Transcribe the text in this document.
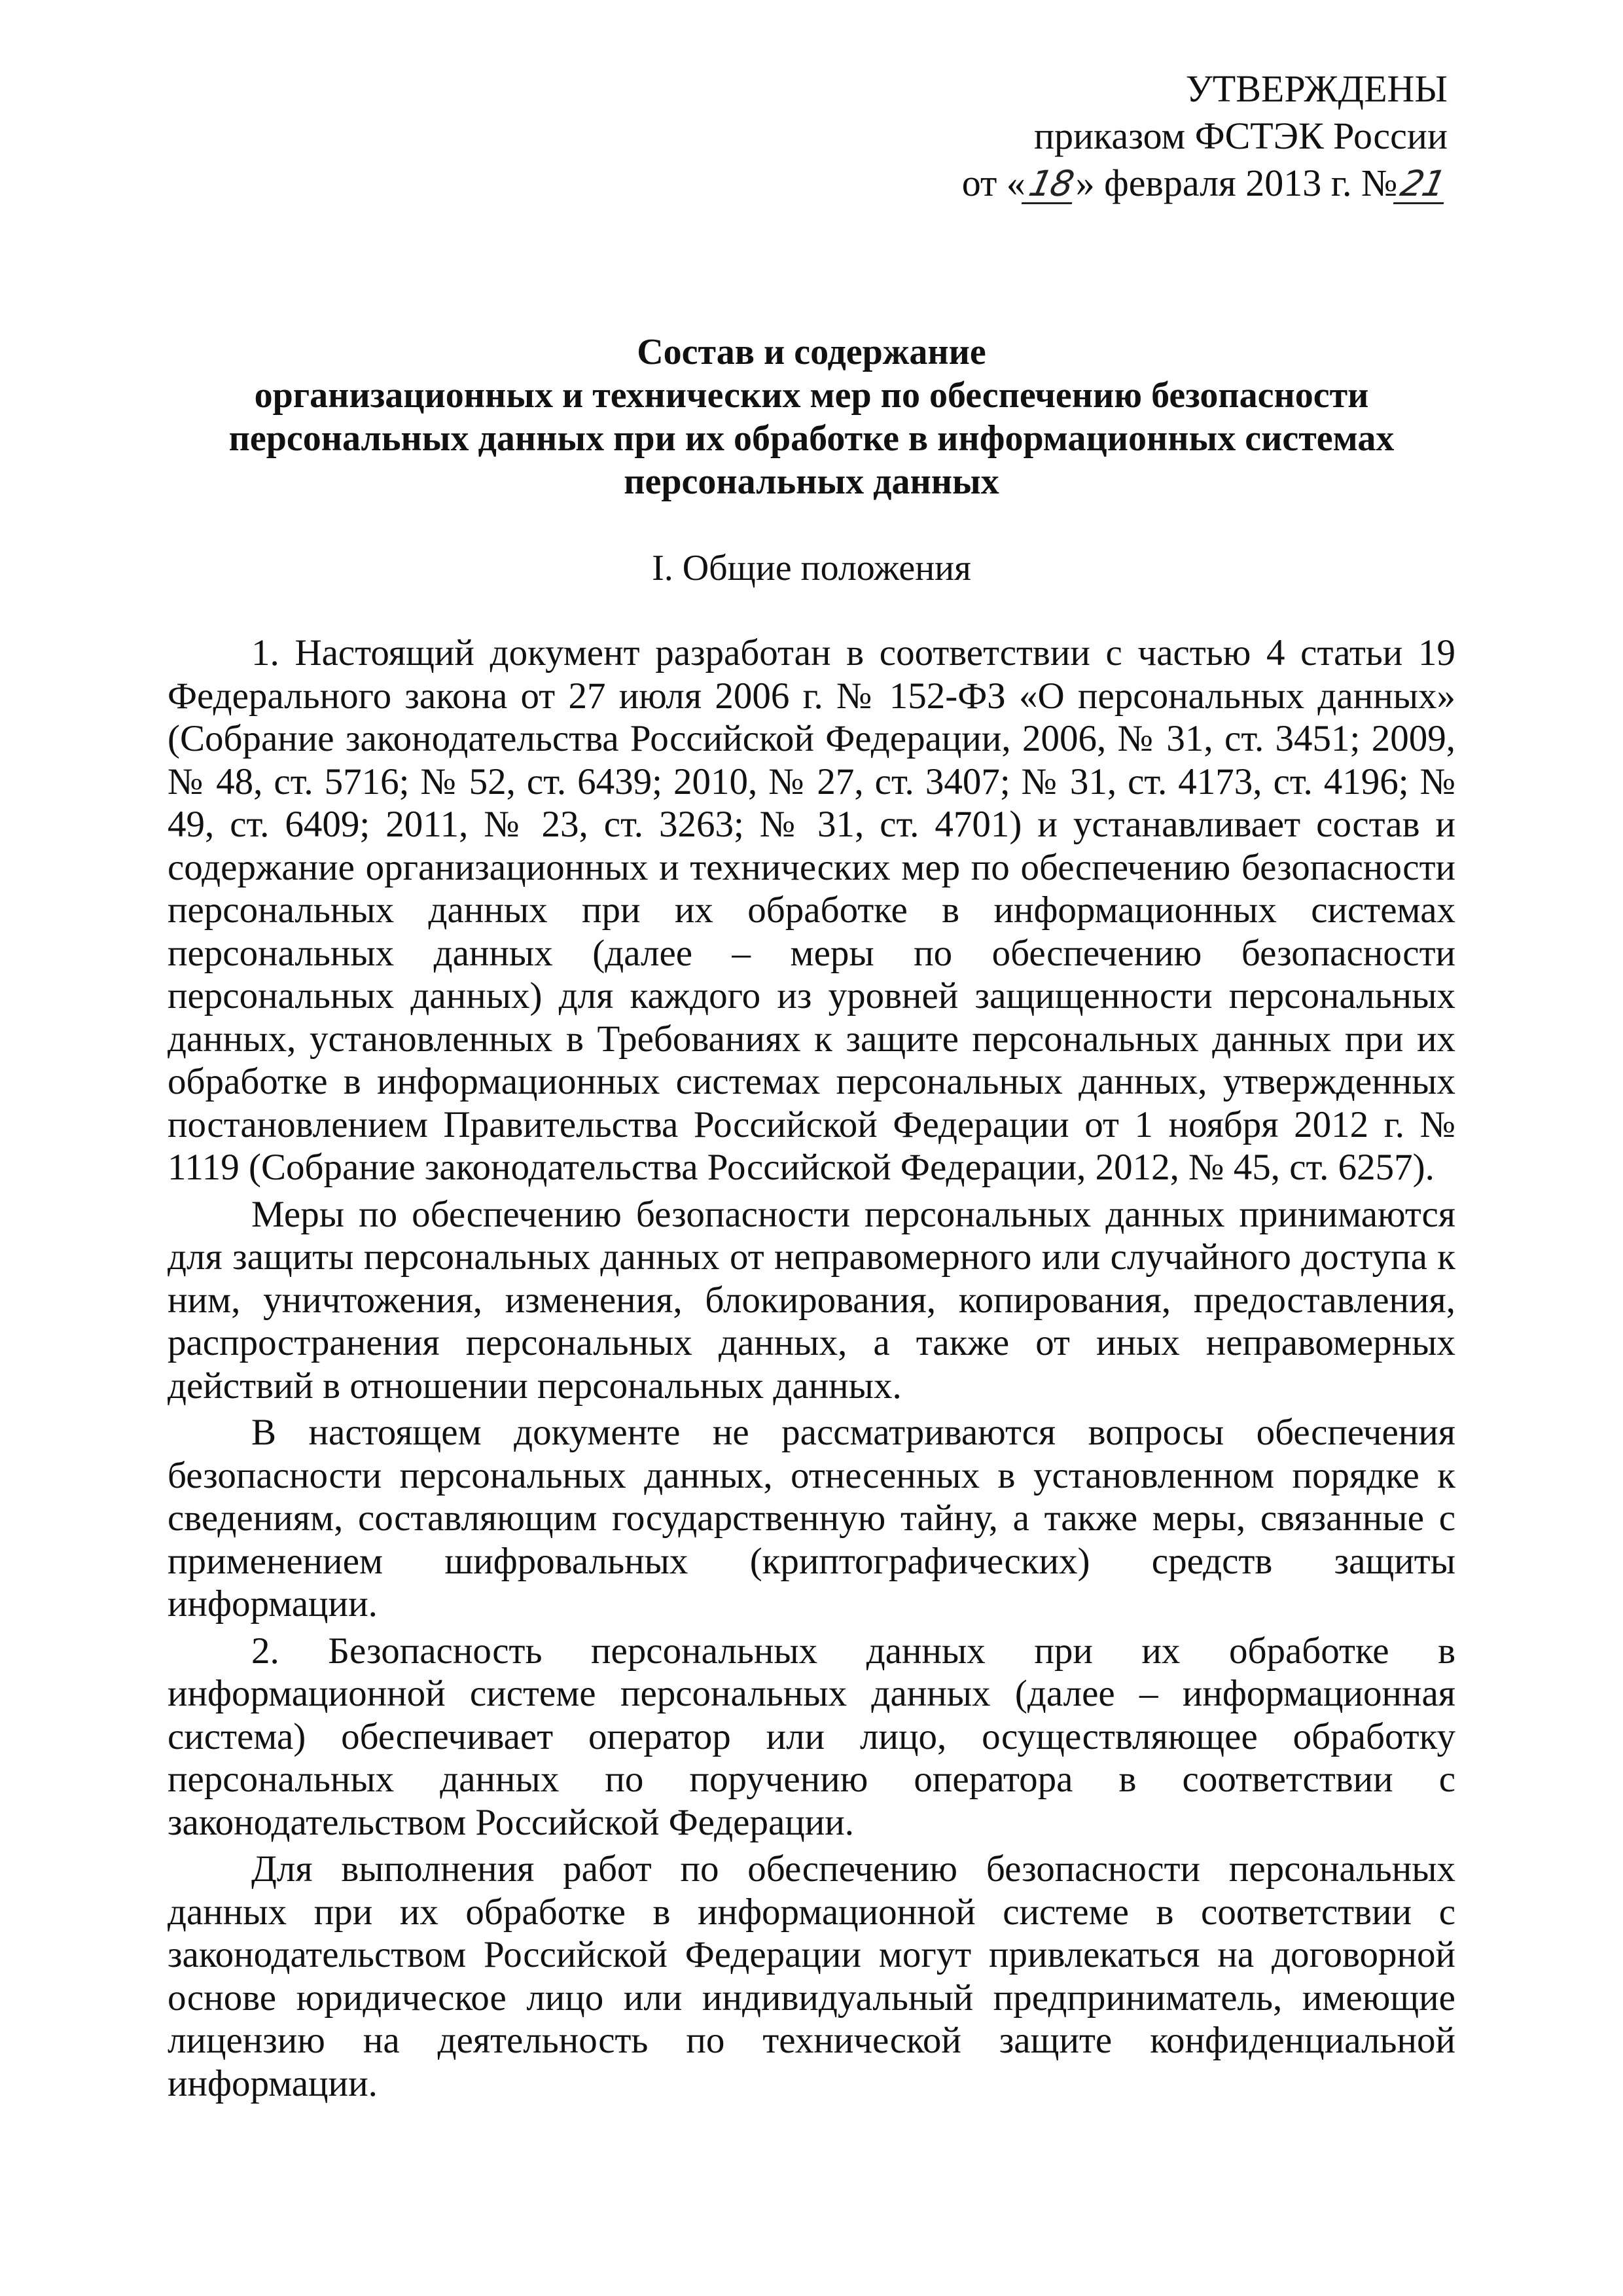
УТВЕРЖДЕНЫ
приказом ФСТЭК России
от «18» февраля 2013 г. №21
Состав и содержание
организационных и технических мер по обеспечению безопасности
персональных данных при их обработке в информационных системах
персональных данных
I. Общие положения

1. Настоящий документ разработан в соответствии с частью 4 статьи 19 Федерального закона от 27 июля 2006 г. № 152-ФЗ «О персональных данных» (Собрание законодательства Российской Федерации, 2006, № 31, ст. 3451; 2009, № 48, ст. 5716; № 52, ст. 6439; 2010, № 27, ст. 3407; № 31, ст. 4173, ст. 4196; № 49, ст. 6409; 2011, № 23, ст. 3263; № 31, ст. 4701) и устанавливает состав и содержание организационных и технических мер по обеспечению безопасности персональных данных при их обработке в информационных системах персональных данных (далее – меры по обеспечению безопасности персональных данных) для каждого из уровней защищенности персональных данных, установленных в Требованиях к защите персональных данных при их обработке в информационных системах персональных данных, утвержденных постановлением Правительства Российской Федерации от 1 ноября 2012 г. № 1119 (Собрание законодательства Российской Федерации, 2012, № 45, ст. 6257).

Меры по обеспечению безопасности персональных данных принимаются для защиты персональных данных от неправомерного или случайного доступа к ним, уничтожения, изменения, блокирования, копирования, предоставления, распространения персональных данных, а также от иных неправомерных действий в отношении персональных данных.

В настоящем документе не рассматриваются вопросы обеспечения безопасности персональных данных, отнесенных в установленном порядке к сведениям, составляющим государственную тайну, а также меры, связанные с применением шифровальных (криптографических) средств защиты информации.

2. Безопасность персональных данных при их обработке в информационной системе персональных данных (далее – информационная система) обеспечивает оператор или лицо, осуществляющее обработку персональных данных по поручению оператора в соответствии с законодательством Российской Федерации.

Для выполнения работ по обеспечению безопасности персональных данных при их обработке в информационной системе в соответствии с законодательством Российской Федерации могут привлекаться на договорной основе юридическое лицо или индивидуальный предприниматель, имеющие лицензию на деятельность по технической защите конфиденциальной информации.
